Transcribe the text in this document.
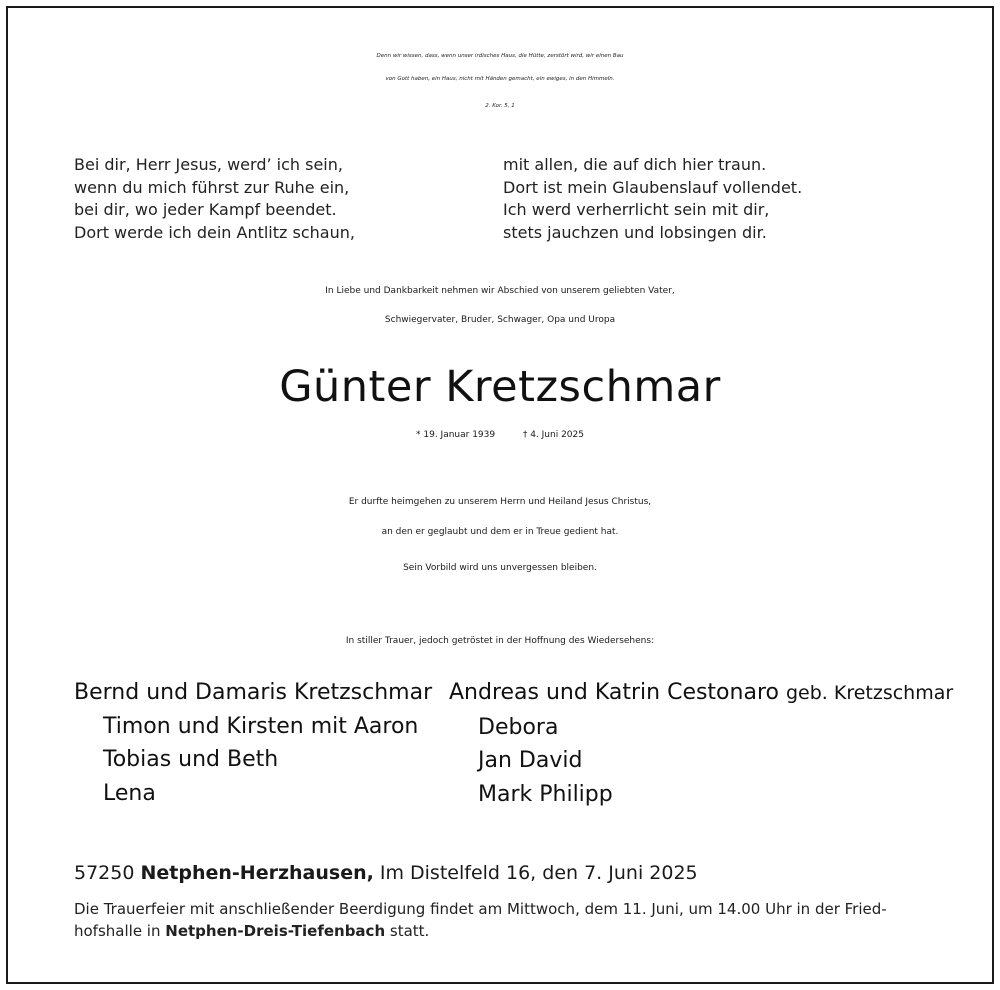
Denn wir wissen, dass, wenn unser irdisches Haus, die Hütte, zerstört wird, wir einen Bau
von Gott haben, ein Haus, nicht mit Händen gemacht, ein ewiges, in den Himmeln.
2. Kor. 5, 1
Bei dir, Herr Jesus, werd’ ich sein,
wenn du mich führst zur Ruhe ein,
bei dir, wo jeder Kampf beendet.
Dort werde ich dein Antlitz schaun,
mit allen, die auf dich hier traun.
Dort ist mein Glaubenslauf vollendet.
Ich werd verherrlicht sein mit dir,
stets jauchzen und lobsingen dir.
In Liebe und Dankbarkeit nehmen wir Abschied von unserem geliebten Vater,
Schwiegervater, Bruder, Schwager, Opa und Uropa
Günter Kretzschmar
* 19. Januar 1939	† 4. Juni 2025
Er durfte heimgehen zu unserem Herrn und Heiland Jesus Christus,
an den er geglaubt und dem er in Treue gedient hat.
Sein Vorbild wird uns unvergessen bleiben.
In stiller Trauer, jedoch getröstet in der Hoffnung des Wiedersehens:
Bernd und Damaris Kretzschmar
Timon und Kirsten mit Aaron
Tobias und Beth
Lena
Andreas und Katrin Cestonaro geb. Kretzschmar
Debora
Jan David
Mark Philipp
57250 Netphen-Herzhausen, Im Distelfeld 16, den 7. Juni 2025
Die Trauerfeier mit anschließender Beerdigung findet am Mittwoch, dem 11. Juni, um 14.00 Uhr in der Fried-
hofshalle in Netphen-Dreis-Tiefenbach statt.
